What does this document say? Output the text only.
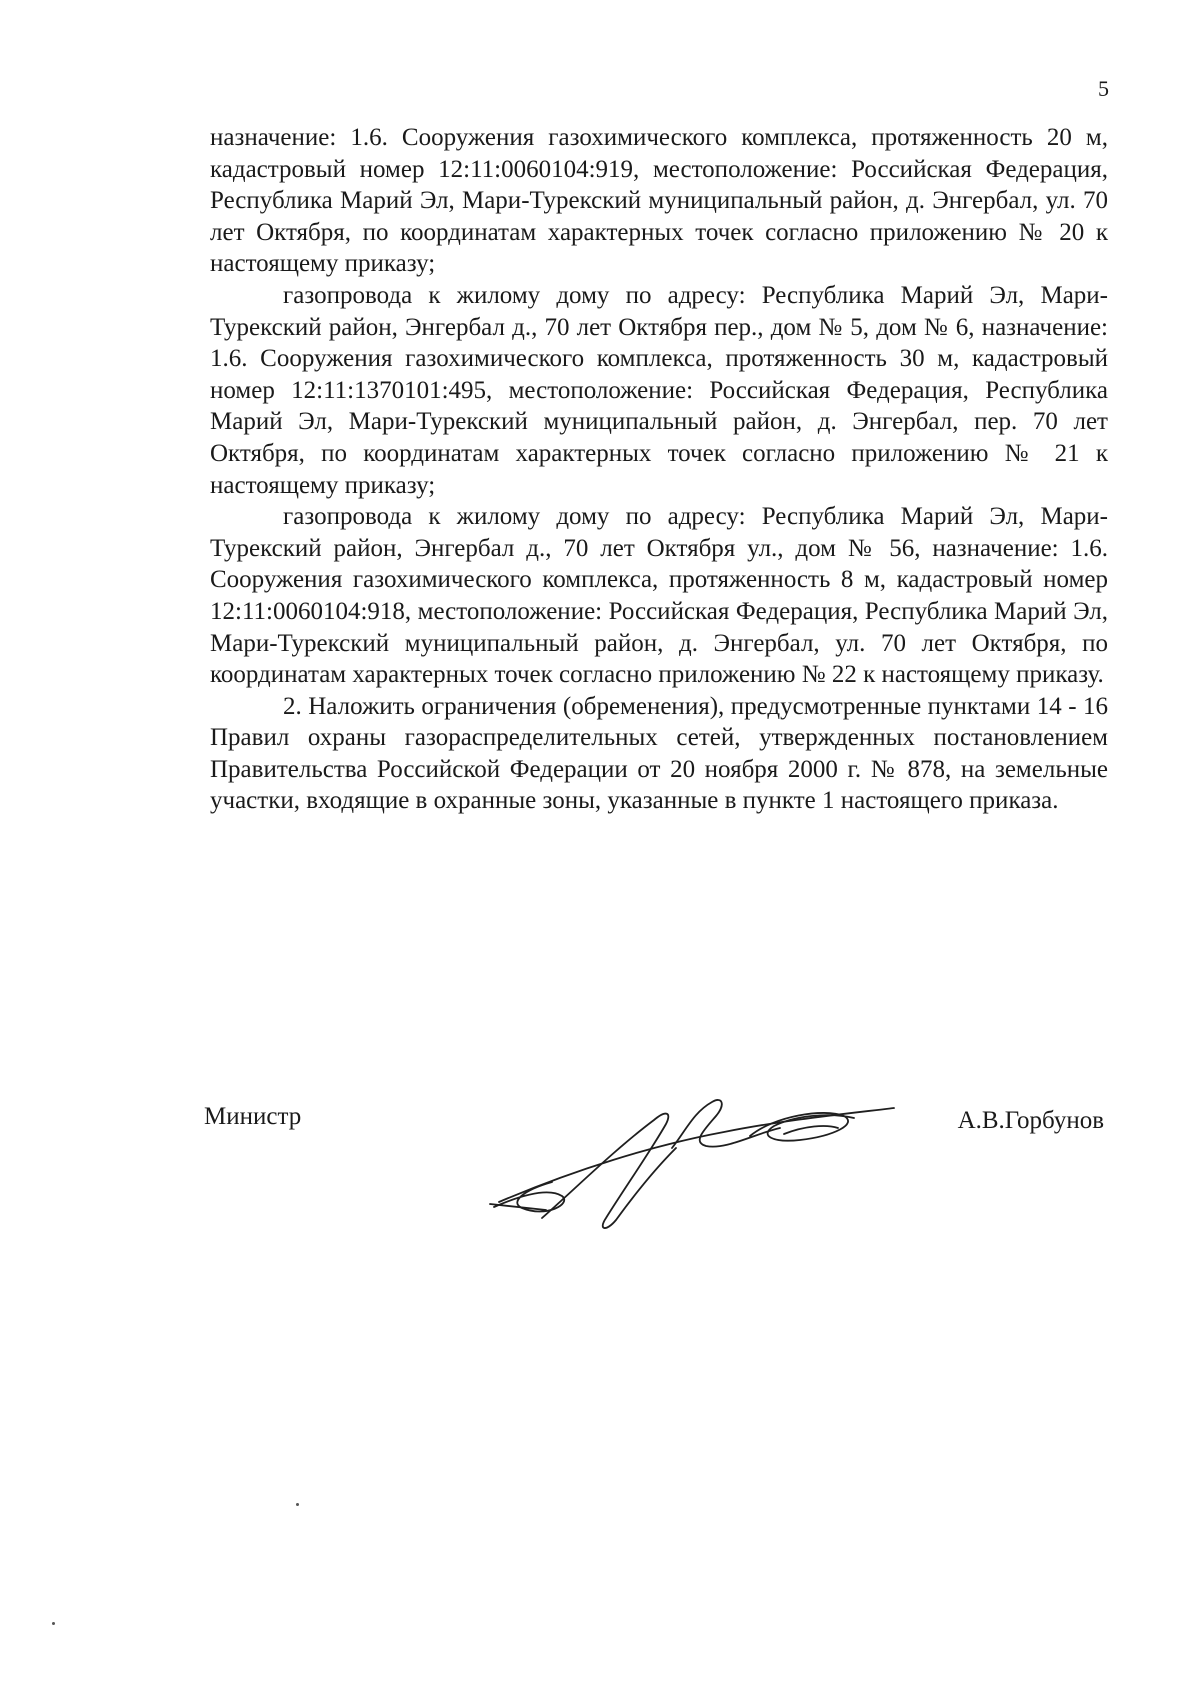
5

назначение: 1.6. Сооружения газохимического комплекса, протяженность 20 м, кадастровый номер 12:11:0060104:919, местоположение: Российская Федерация, Республика Марий Эл, Мари-Турекский муниципальный район, д. Энгербал, ул. 70 лет Октября, по координатам характерных точек согласно приложению № 20 к настоящему приказу;

газопровода к жилому дому по адресу: Республика Марий Эл, Мари-Турекский район, Энгербал д., 70 лет Октября пер., дом № 5, дом № 6, назначение: 1.6. Сооружения газохимического комплекса, протяженность 30 м, кадастровый номер 12:11:1370101:495, местоположение: Российская Федерация, Республика Марий Эл, Мари-Турекский муниципальный район, д. Энгербал, пер. 70 лет Октября, по координатам характерных точек согласно приложению № 21 к настоящему приказу;

газопровода к жилому дому по адресу: Республика Марий Эл, Мари-Турекский район, Энгербал д., 70 лет Октября ул., дом № 56, назначение: 1.6. Сооружения газохимического комплекса, протяженность 8 м, кадастровый номер 12:11:0060104:918, местоположение: Российская Федерация, Республика Марий Эл, Мари-Турекский муниципальный район, д. Энгербал, ул. 70 лет Октября, по координатам характерных точек согласно приложению № 22 к настоящему приказу.

2. Наложить ограничения (обременения), предусмотренные пунктами 14 - 16 Правил охраны газораспределительных сетей, утвержденных постановлением Правительства Российской Федерации от 20 ноября 2000 г. № 878, на земельные участки, входящие в охранные зоны, указанные в пункте 1 настоящего приказа.

Министр	А.В.Горбунов
